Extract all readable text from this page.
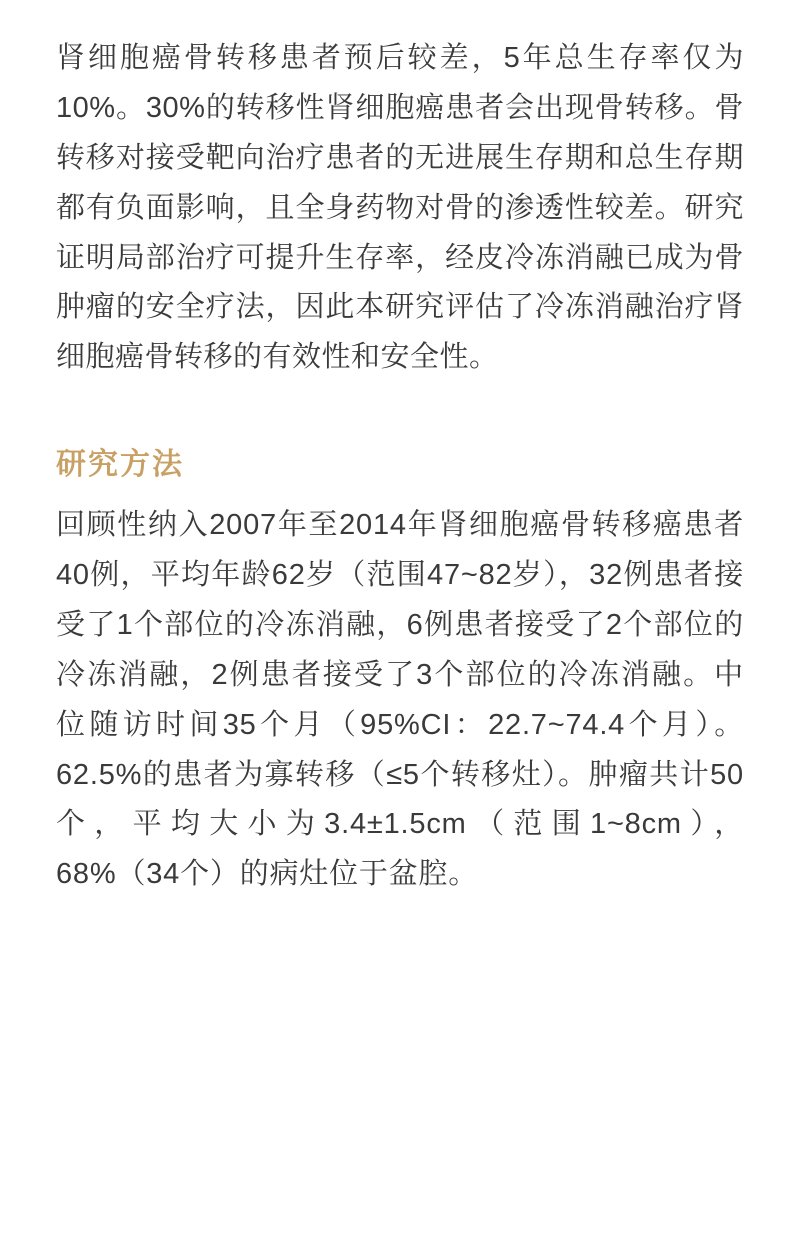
肾细胞癌骨转移患者预后较差，5年总生存率仅为10%。30%的转移性肾细胞癌患者会出现骨转移。骨转移对接受靶向治疗患者的无进展生存期和总生存期都有负面影响，且全身药物对骨的渗透性较差。研究证明局部治疗可提升生存率，经皮冷冻消融已成为骨肿瘤的安全疗法，因此本研究评估了冷冻消融治疗肾细胞癌骨转移的有效性和安全性。

研究方法

回顾性纳入2007年至2014年肾细胞癌骨转移癌患者40例，平均年龄62岁（范围47~82岁），32例患者接受了1个部位的冷冻消融，6例患者接受了2个部位的冷冻消融，2例患者接受了3个部位的冷冻消融。中位随访时间35个月（95%CI：22.7~74.4个月）。62.5%的患者为寡转移（≤5个转移灶）。肿瘤共计50个，平均大小为3.4±1.5cm（范围1~8cm），68%（34个）的病灶位于盆腔。
